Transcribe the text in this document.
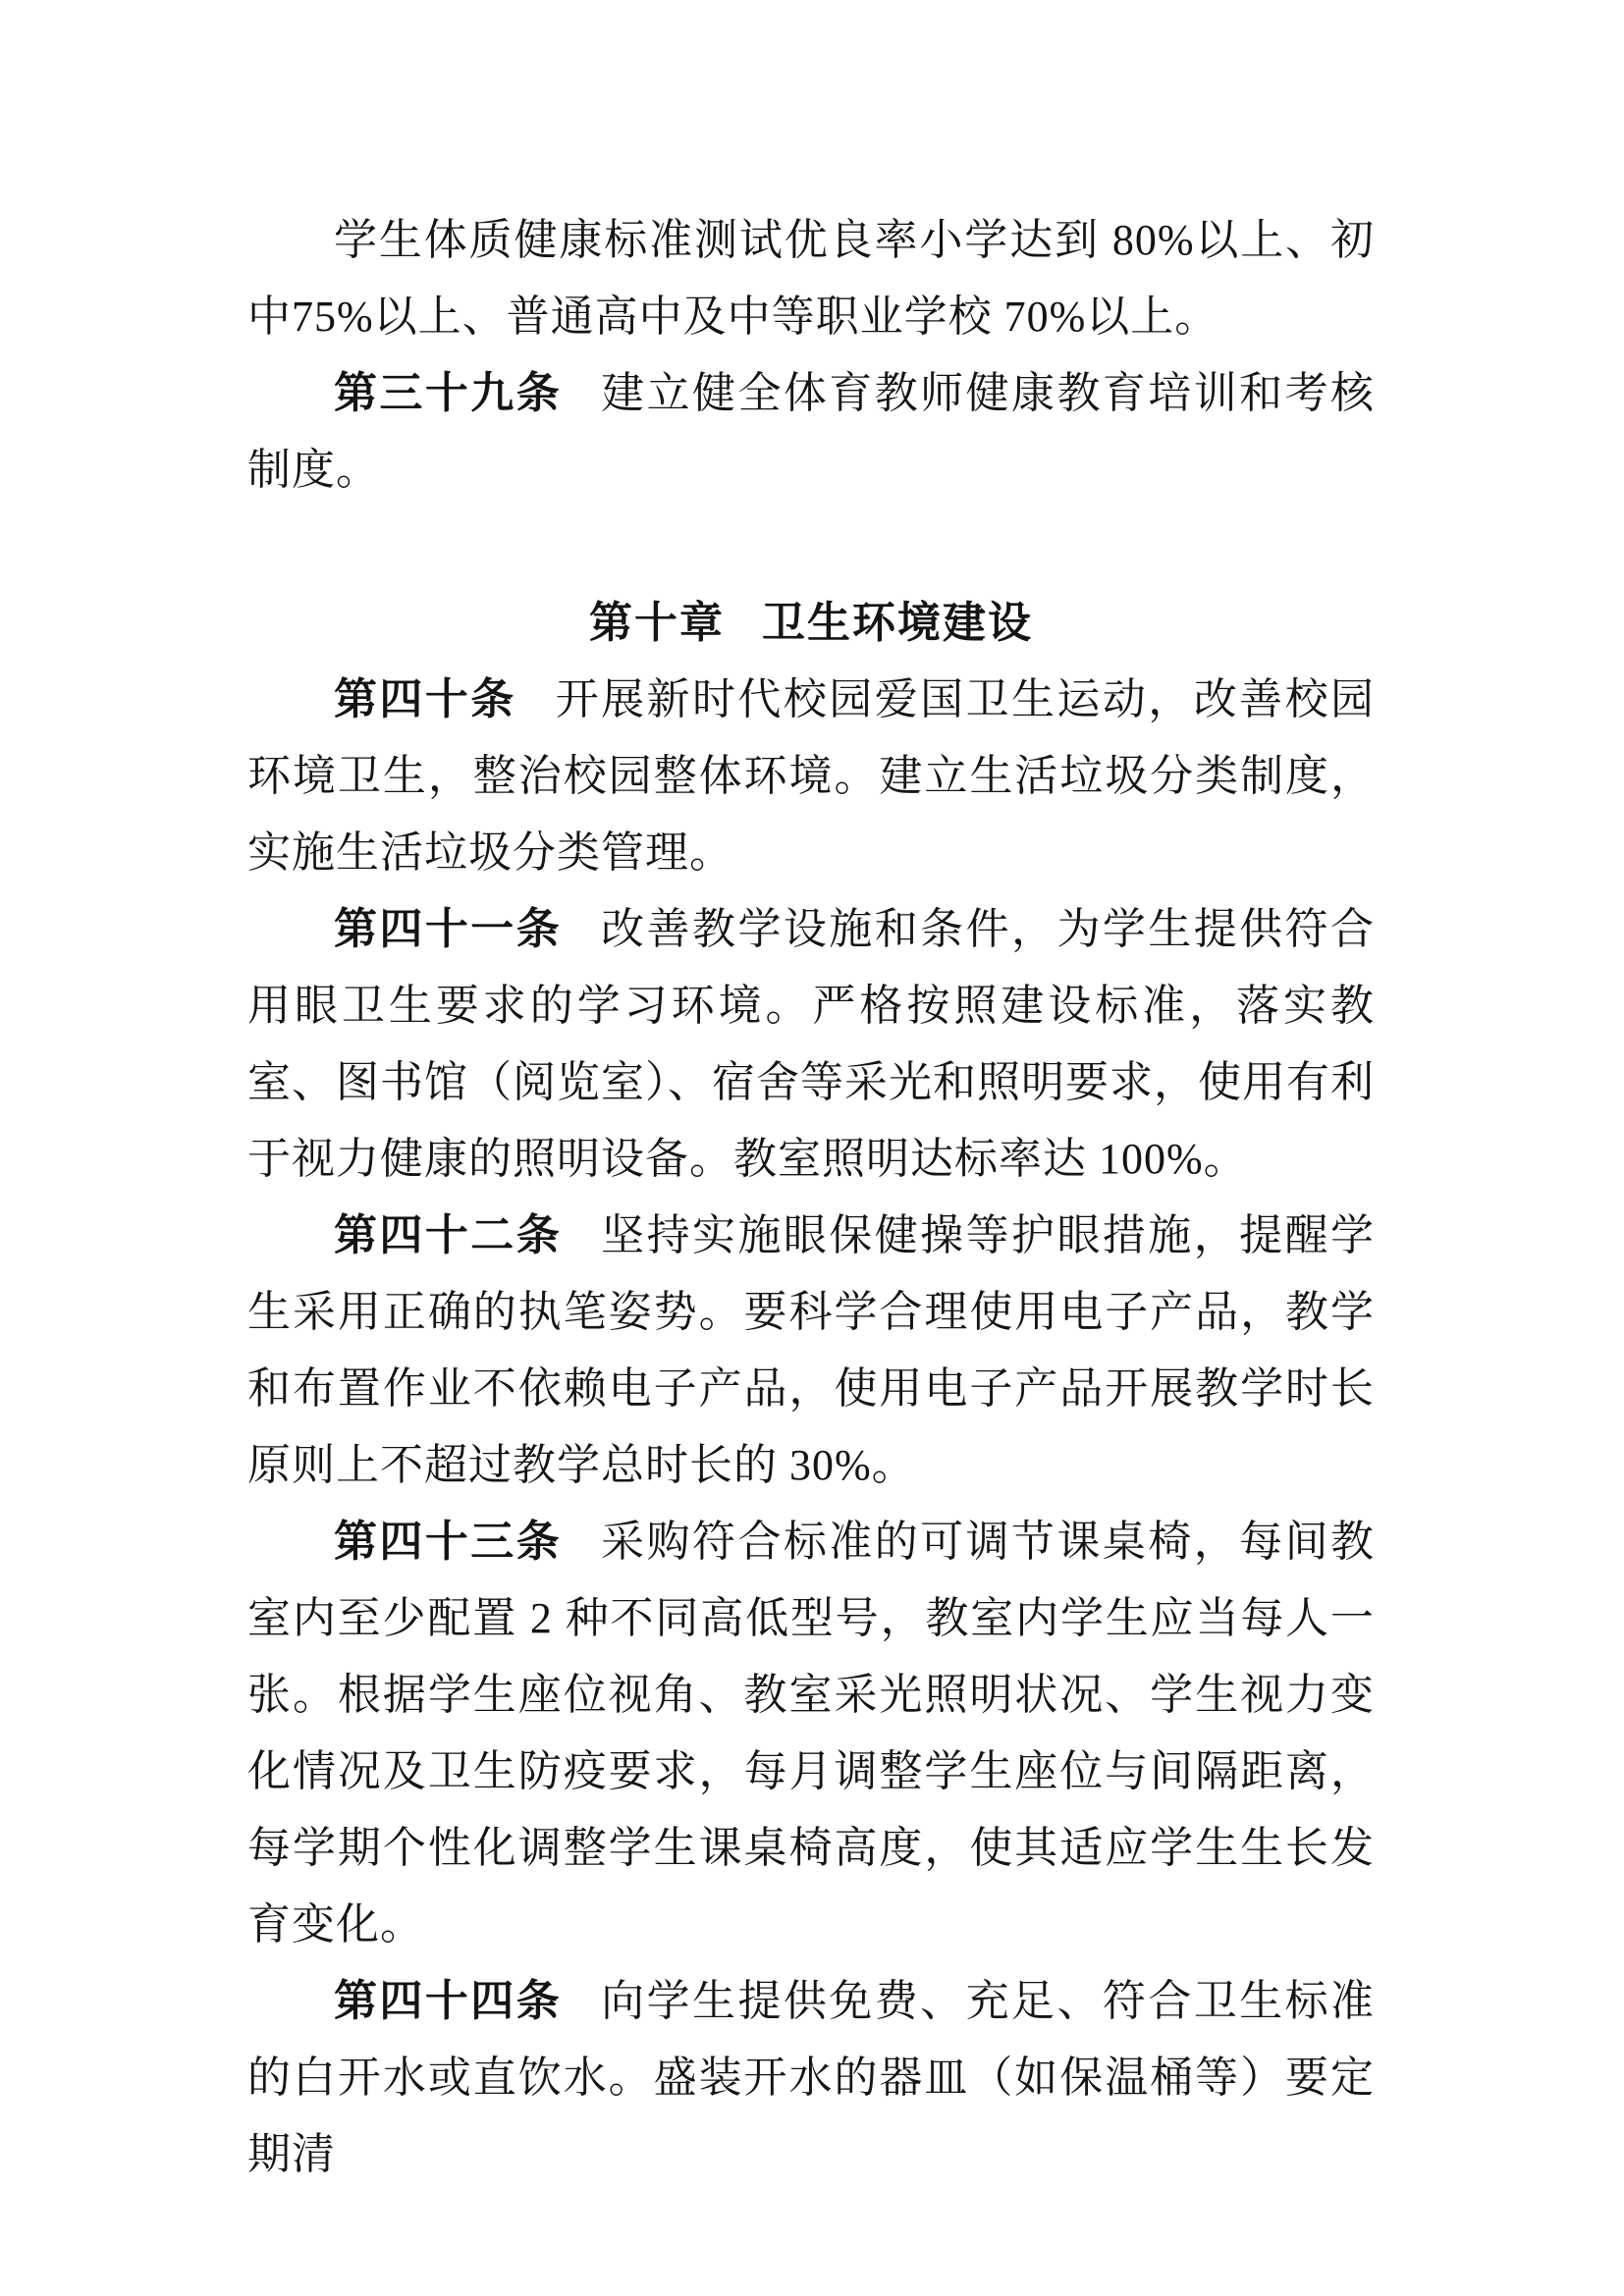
学生体质健康标准测试优良率小学达到 80%以上、初中75%以上、普通高中及中等职业学校 70%以上。

第三十九条 建立健全体育教师健康教育培训和考核制度。

第十章 卫生环境建设

第四十条 开展新时代校园爱国卫生运动，改善校园环境卫生，整治校园整体环境。建立生活垃圾分类制度，实施生活垃圾分类管理。

第四十一条 改善教学设施和条件，为学生提供符合用眼卫生要求的学习环境。严格按照建设标准，落实教室、图书馆（阅览室）、宿舍等采光和照明要求，使用有利于视力健康的照明设备。教室照明达标率达 100%。

第四十二条 坚持实施眼保健操等护眼措施，提醒学生采用正确的执笔姿势。要科学合理使用电子产品，教学和布置作业不依赖电子产品，使用电子产品开展教学时长原则上不超过教学总时长的 30%。

第四十三条 采购符合标准的可调节课桌椅，每间教室内至少配置 2 种不同高低型号，教室内学生应当每人一张。根据学生座位视角、教室采光照明状况、学生视力变化情况及卫生防疫要求，每月调整学生座位与间隔距离，每学期个性化调整学生课桌椅高度，使其适应学生生长发育变化。

第四十四条 向学生提供免费、充足、符合卫生标准的白开水或直饮水。盛装开水的器皿（如保温桶等）要定期清
